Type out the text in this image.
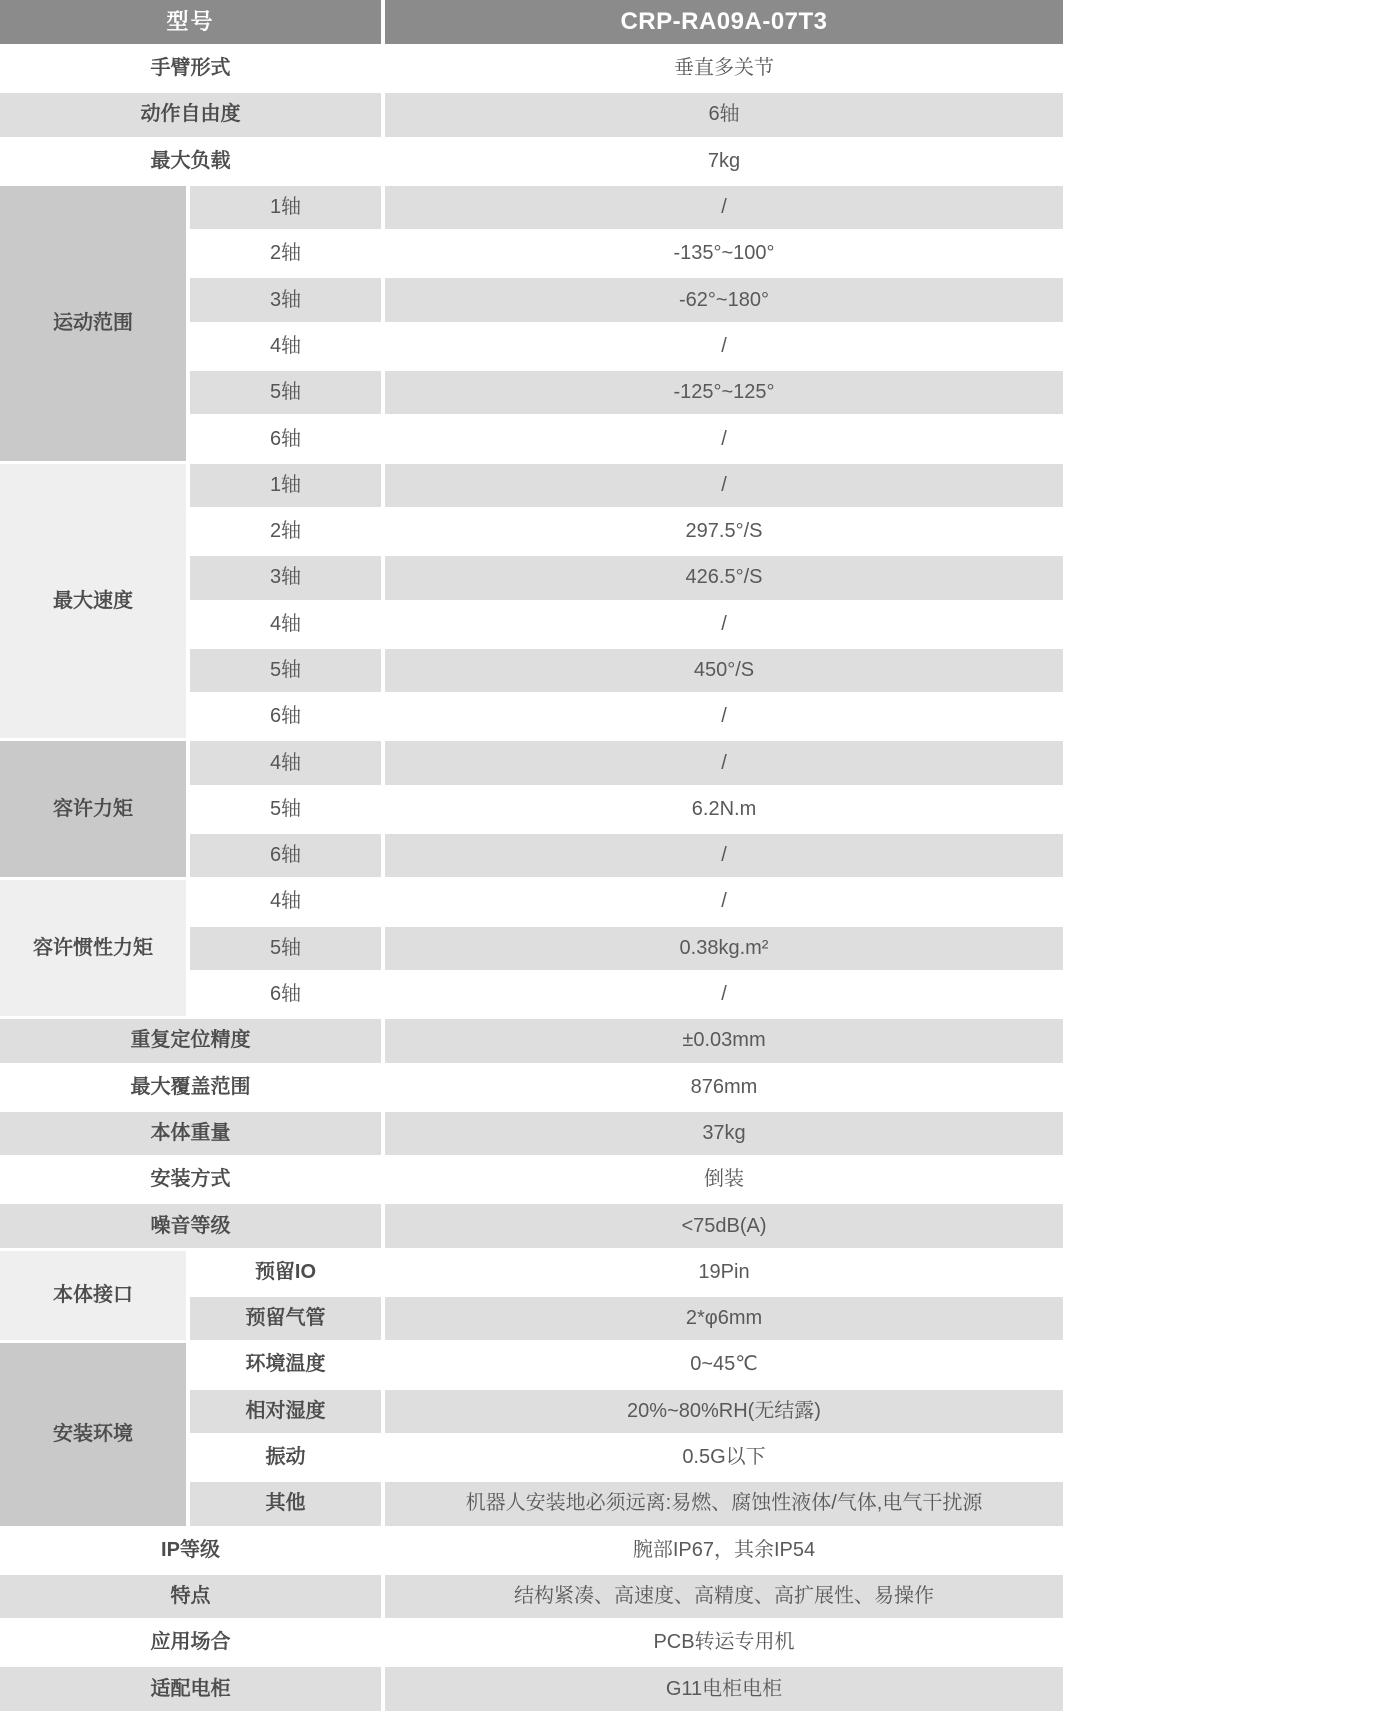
型号	CRP-RA09A-07T3
手臂形式	垂直多关节
动作自由度	6轴
最大负载	7kg
运动范围
1轴	/
2轴	-135°~100°
3轴	-62°~180°
4轴	/
5轴	-125°~125°
6轴	/
最大速度
1轴	/
2轴	297.5°/S
3轴	426.5°/S
4轴	/
5轴	450°/S
6轴	/
容许力矩
4轴	/
5轴	6.2N.m
6轴	/
容许惯性力矩
4轴	/
5轴	0.38kg.m²
6轴	/
重复定位精度	±0.03mm
最大覆盖范围	876mm
本体重量	37kg
安装方式	倒装
噪音等级	<75dB(A)
本体接口
预留IO	19Pin
预留气管	2*φ6mm
安装环境
环境温度	0~45℃
相对湿度	20%~80%RH(无结露)
振动	0.5G以下
其他	机器人安装地必须远离:易燃、腐蚀性液体/气体,电气干扰源
IP等级	腕部IP67，其余IP54
特点	结构紧凑、高速度、高精度、高扩展性、易操作
应用场合	PCB转运专用机
适配电柜	G11电柜电柜
